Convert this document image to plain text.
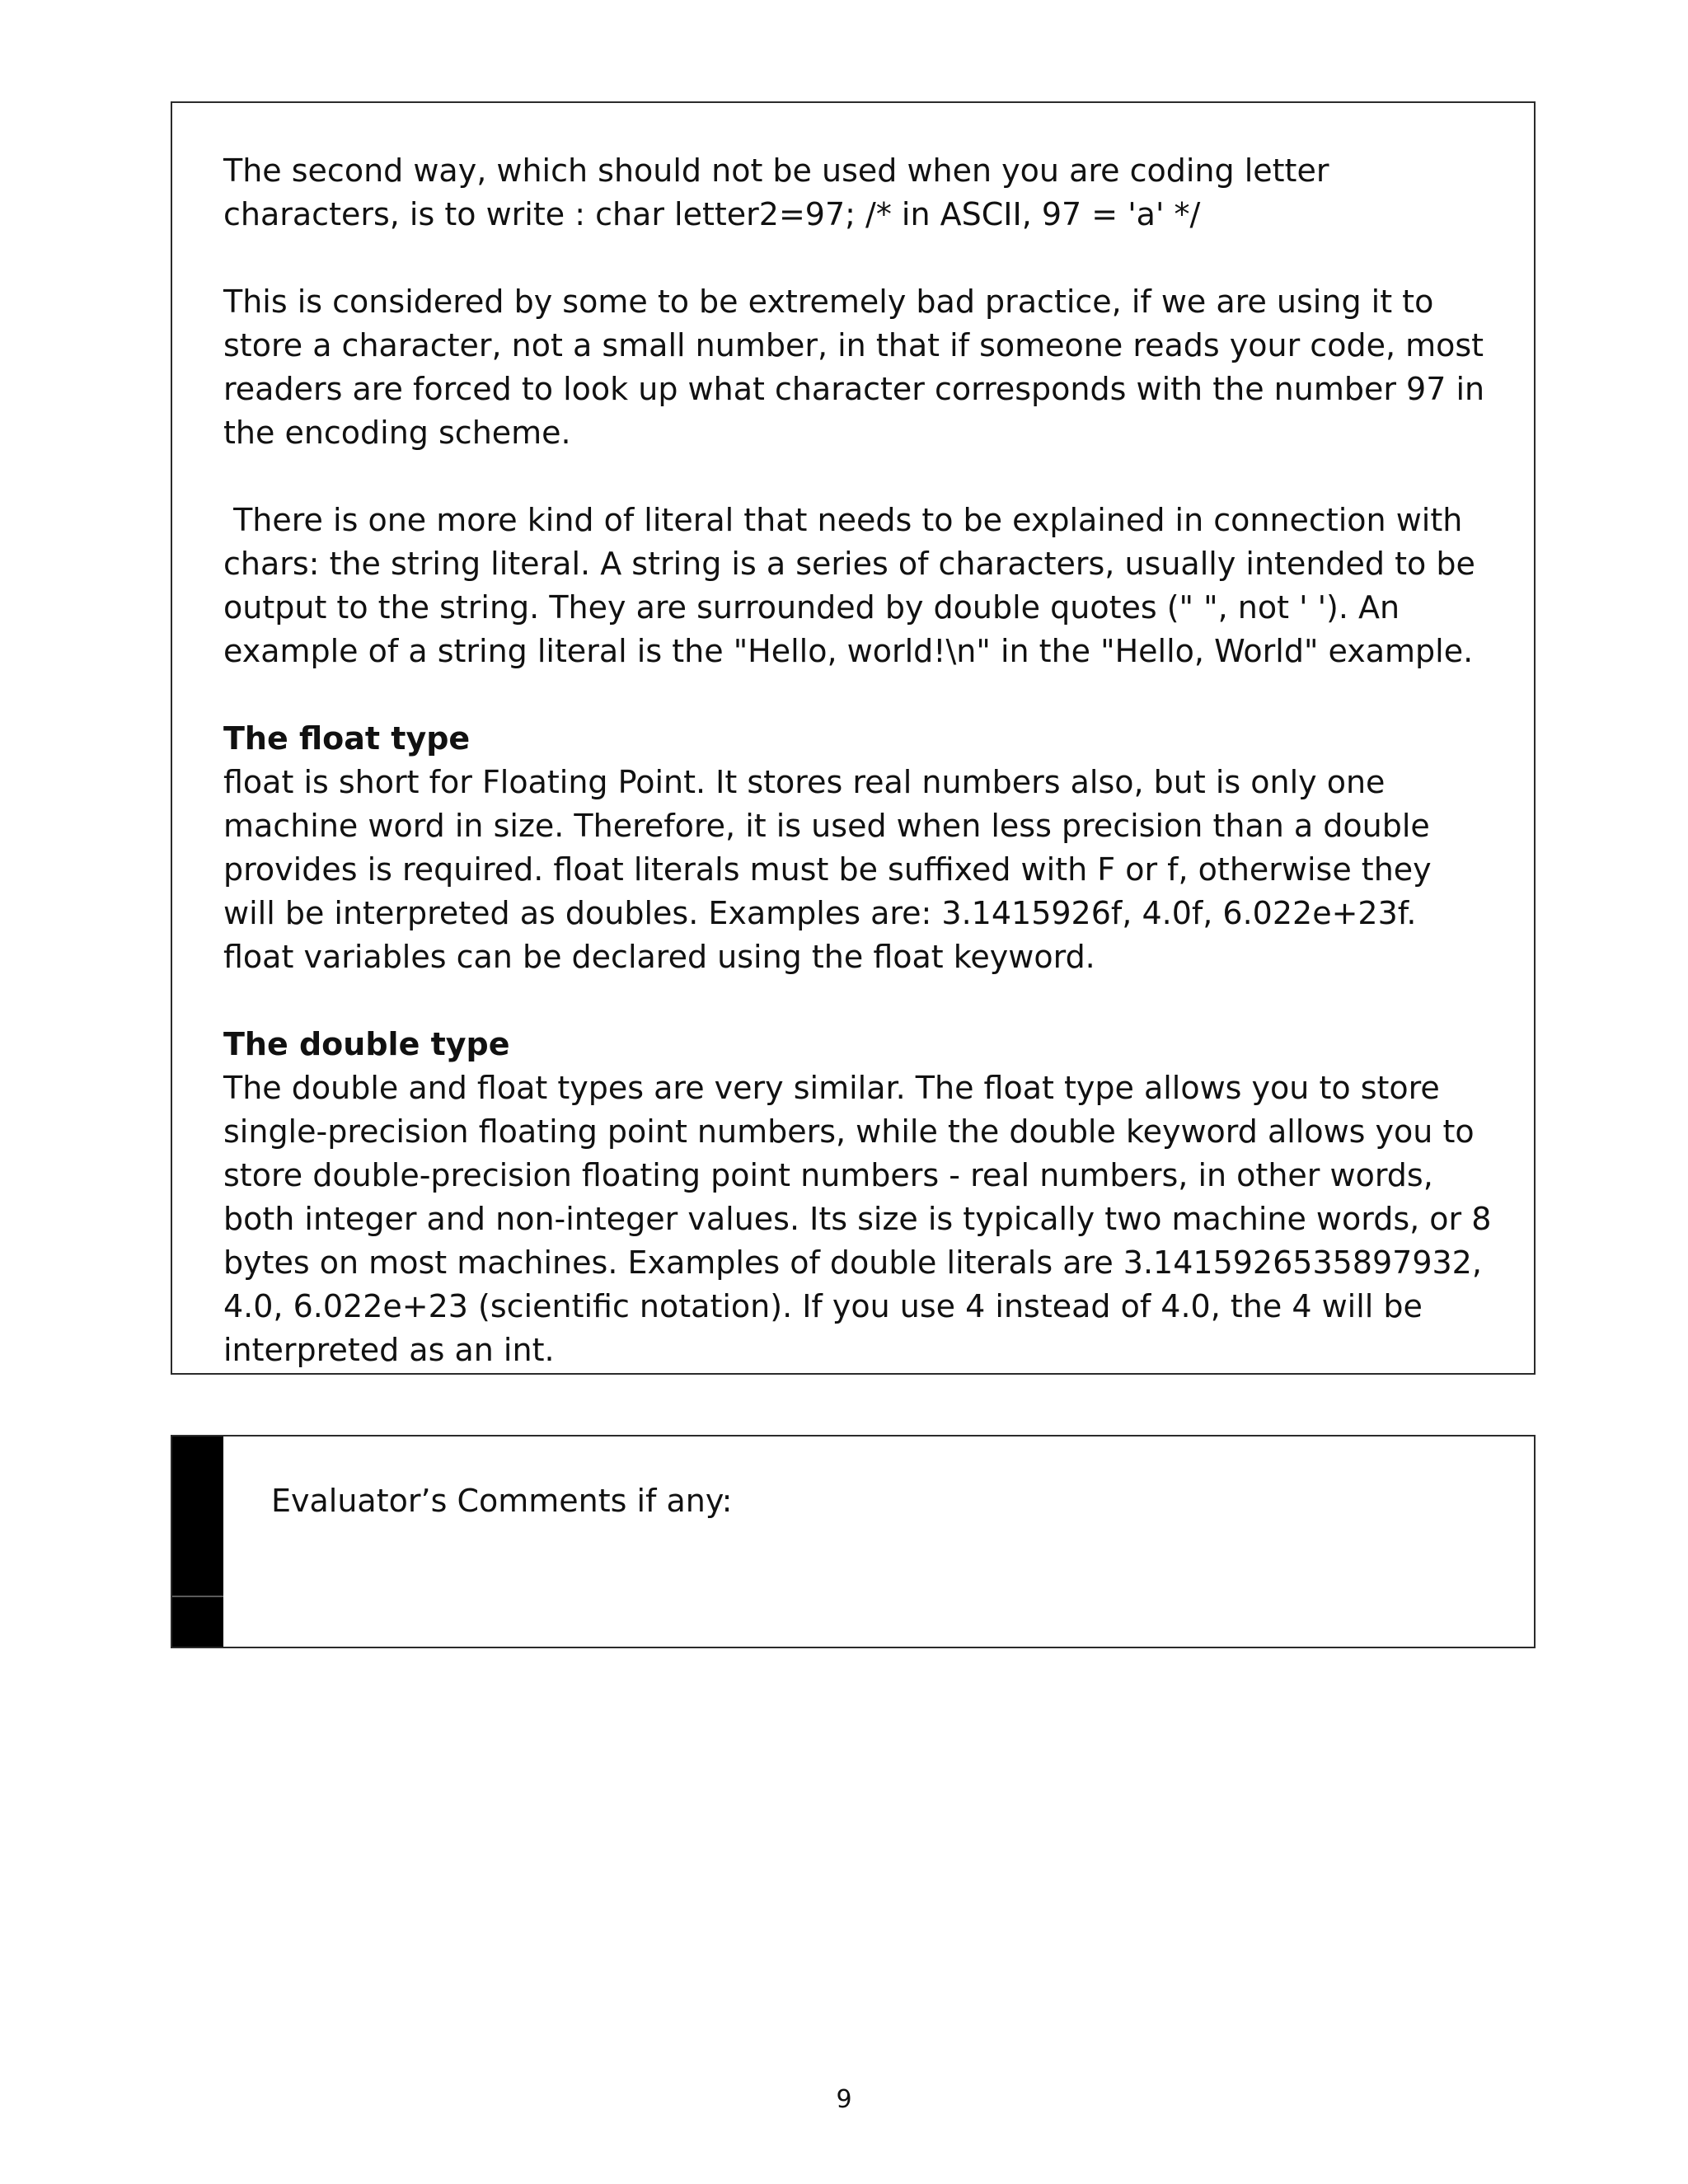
The second way, which should not be used when you are coding letter characters, is to write : char letter2=97; /* in ASCII, 97 = 'a' */

This is considered by some to be extremely bad practice, if we are using it to store a character, not a small number, in that if someone reads your code, most readers are forced to look up what character corresponds with the number 97 in the encoding scheme.

There is one more kind of literal that needs to be explained in connection with chars: the string literal. A string is a series of characters, usually intended to be output to the string. They are surrounded by double quotes (" ", not ' '). An example of a string literal is the "Hello, world!\n" in the "Hello, World" example.

The float type

float is short for Floating Point. It stores real numbers also, but is only one machine word in size. Therefore, it is used when less precision than a double provides is required. float literals must be suffixed with F or f, otherwise they will be interpreted as doubles. Examples are: 3.1415926f, 4.0f, 6.022e+23f. float variables can be declared using the float keyword.

The double type

The double and float types are very similar. The float type allows you to store single-precision floating point numbers, while the double keyword allows you to store double-precision floating point numbers - real numbers, in other words, both integer and non-integer values. Its size is typically two machine words, or 8 bytes on most machines. Examples of double literals are 3.1415926535897932, 4.0, 6.022e+23 (scientific notation). If you use 4 instead of 4.0, the 4 will be interpreted as an int.

Evaluator’s Comments if any:
9
